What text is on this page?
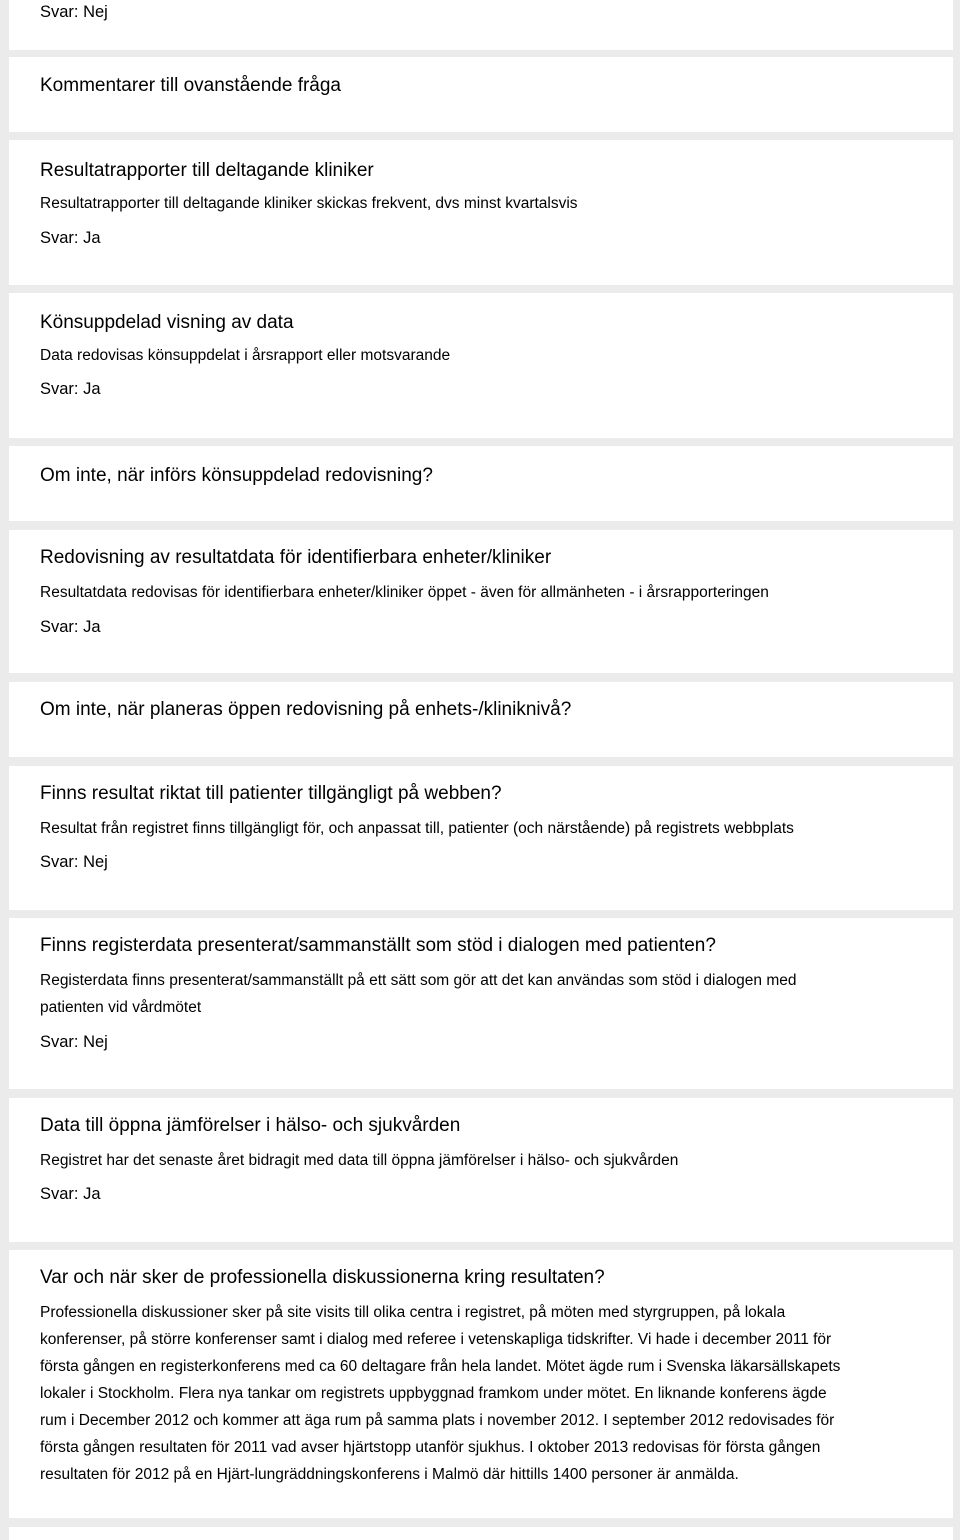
Svar: Nej

Kommentarer till ovanstående fråga

Resultatrapporter till deltagande kliniker

Resultatrapporter till deltagande kliniker skickas frekvent, dvs minst kvartalsvis

Svar: Ja

Könsuppdelad visning av data

Data redovisas könsuppdelat i årsrapport eller motsvarande

Svar: Ja

Om inte, när införs könsuppdelad redovisning?

Redovisning av resultatdata för identifierbara enheter/kliniker

Resultatdata redovisas för identifierbara enheter/kliniker öppet - även för allmänheten - i årsrapporteringen

Svar: Ja

Om inte, när planeras öppen redovisning på enhets-/kliniknivå?

Finns resultat riktat till patienter tillgängligt på webben?

Resultat från registret finns tillgängligt för, och anpassat till, patienter (och närstående) på registrets webbplats

Svar: Nej

Finns registerdata presenterat/sammanställt som stöd i dialogen med patienten?

Registerdata finns presenterat/sammanställt på ett sätt som gör att det kan användas som stöd i dialogen med

patienten vid vårdmötet

Svar: Nej

Data till öppna jämförelser i hälso- och sjukvården

Registret har det senaste året bidragit med data till öppna jämförelser i hälso- och sjukvården

Svar: Ja

Var och när sker de professionella diskussionerna kring resultaten?

Professionella diskussioner sker på site visits till olika centra i registret, på möten med styrgruppen, på lokala

konferenser, på större konferenser samt i dialog med referee i vetenskapliga tidskrifter. Vi hade i december 2011 för

första gången en registerkonferens med ca 60 deltagare från hela landet. Mötet ägde rum i Svenska läkarsällskapets

lokaler i Stockholm. Flera nya tankar om registrets uppbyggnad framkom under mötet. En liknande konferens ägde

rum i December 2012 och kommer att äga rum på samma plats i november 2012. I september 2012 redovisades för

första gången resultaten för 2011 vad avser hjärtstopp utanför sjukhus. I oktober 2013 redovisas för första gången

resultaten för 2012 på en Hjärt-lungräddningskonferens i Malmö där hittills 1400 personer är anmälda.
